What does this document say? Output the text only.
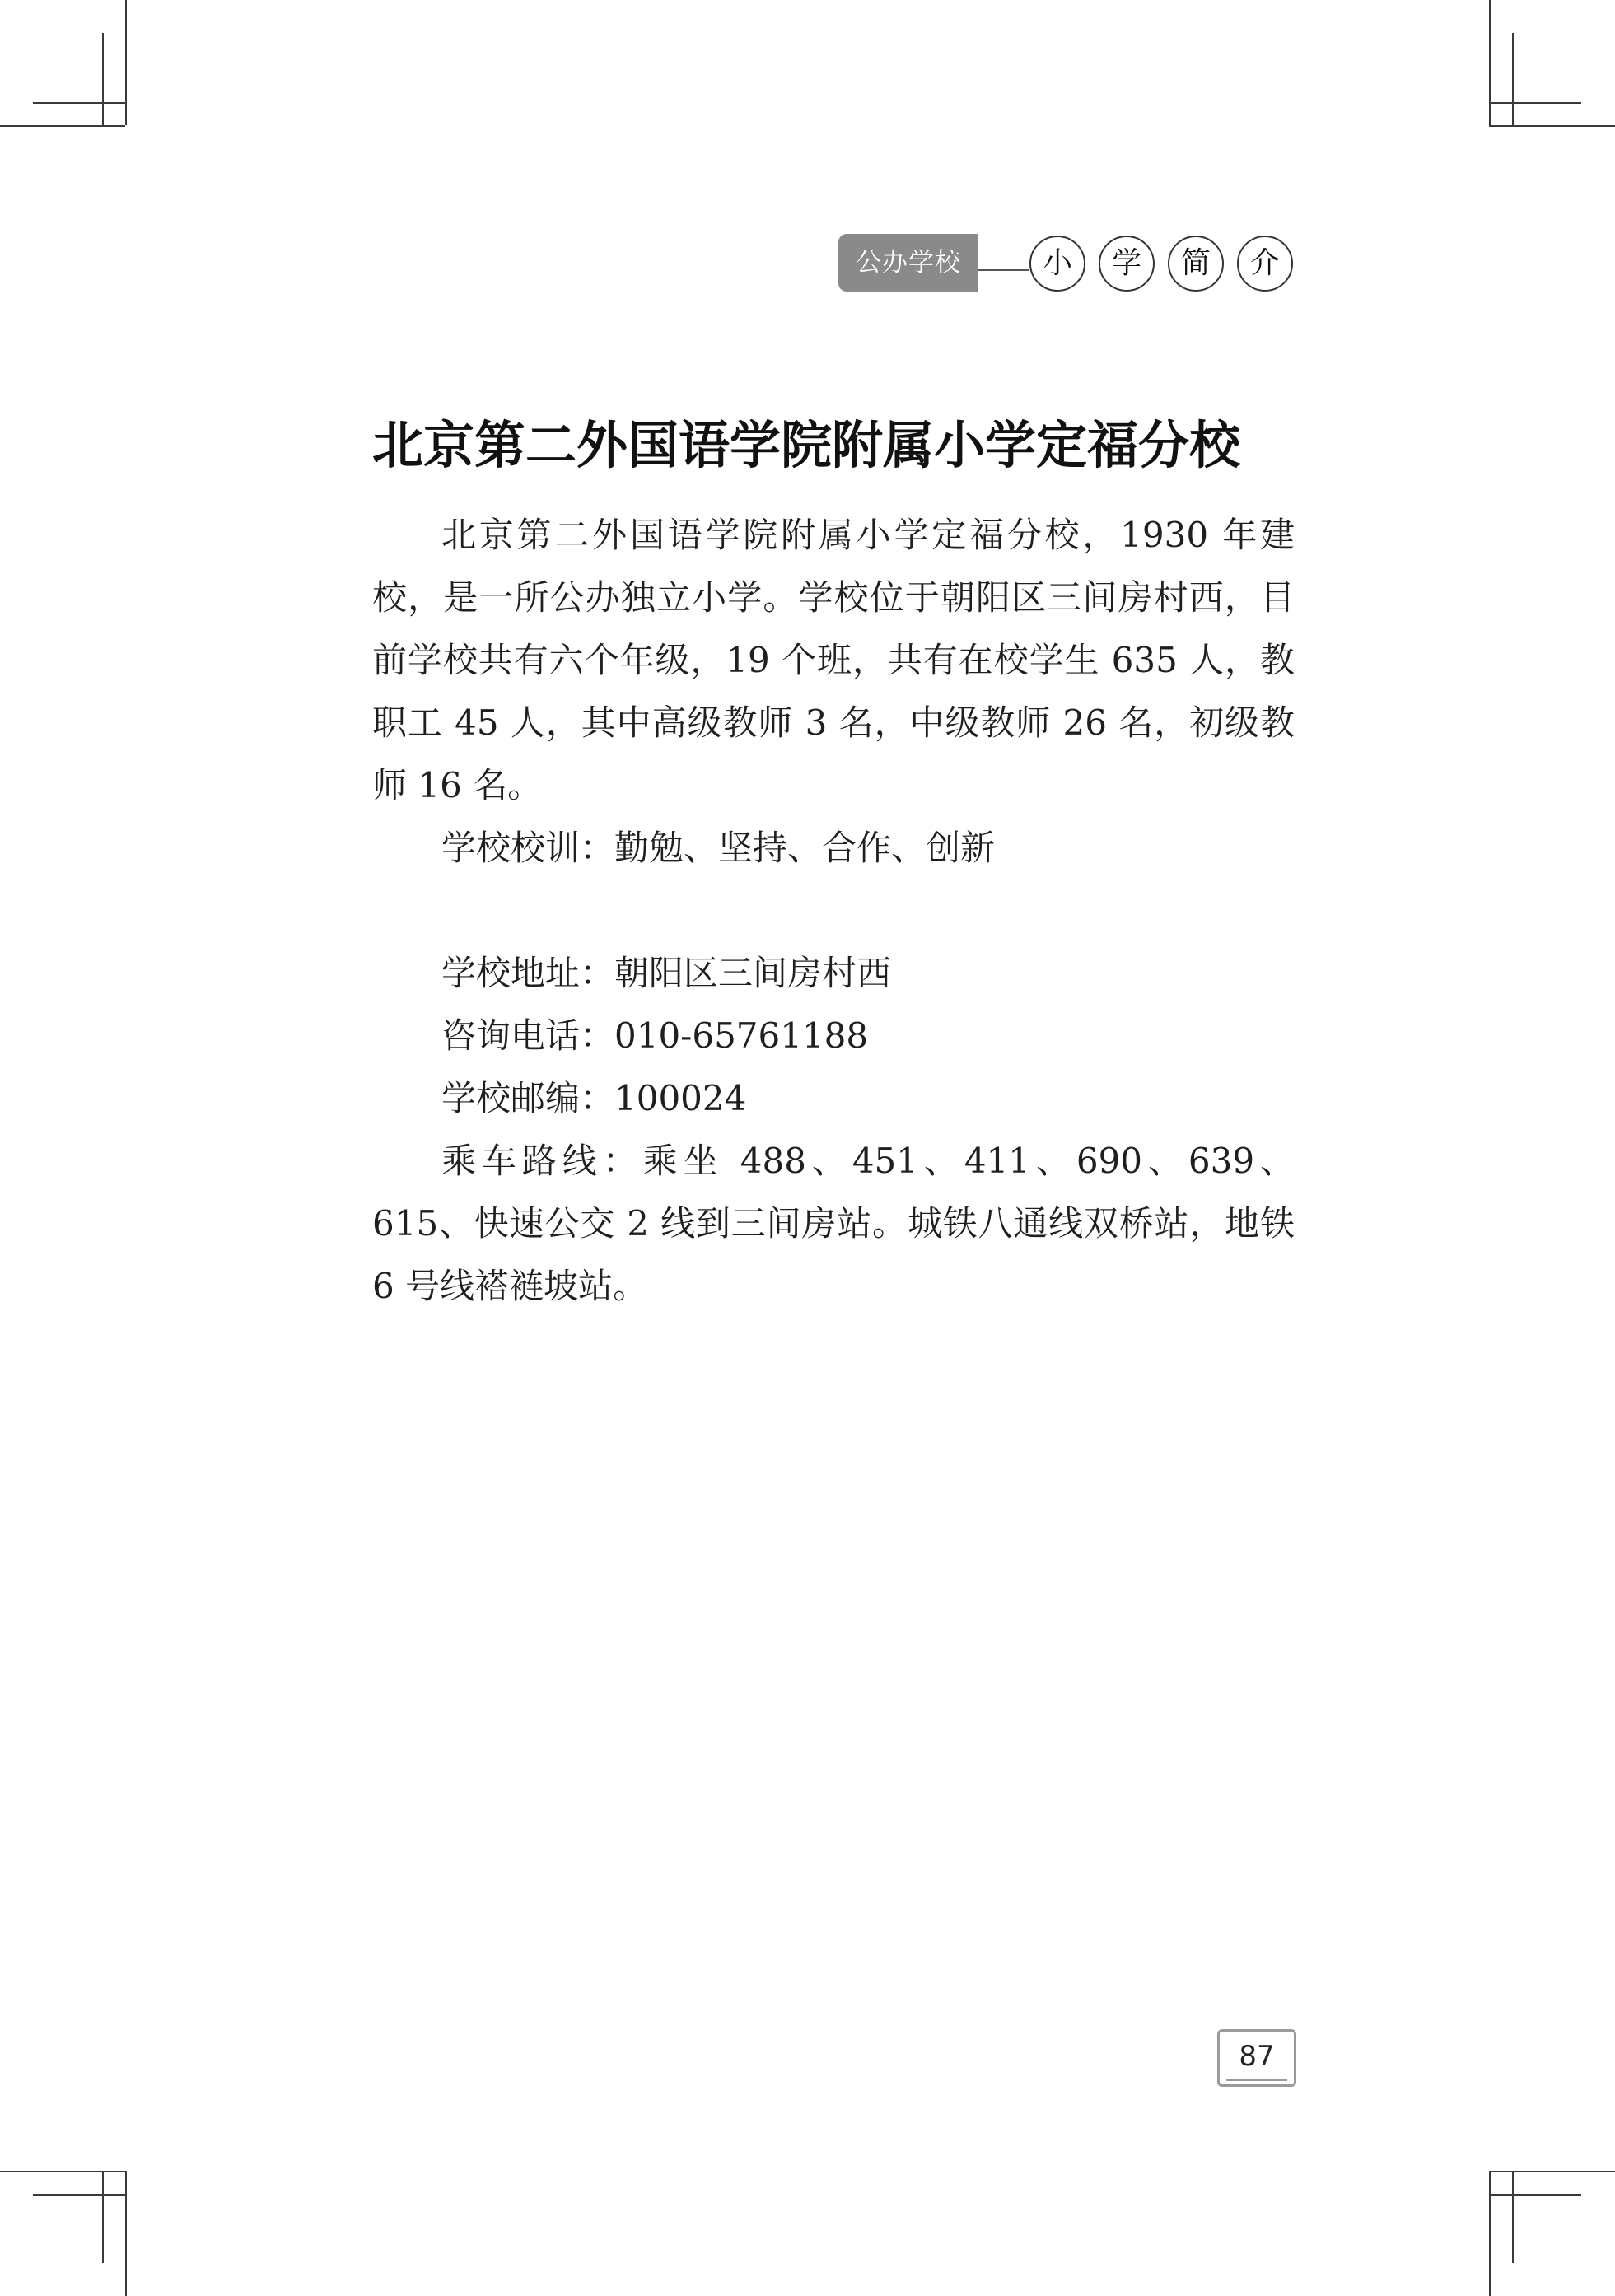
公办学校	小	学	简	介
北京第二外国语学院附属小学定福分校

北京第二外国语学院附属小学定福分校，1930 年建校，是一所公办独立小学。学校位于朝阳区三间房村西，目前学校共有六个年级，19 个班，共有在校学生 635 人，教职工 45 人，其中高级教师 3 名，中级教师 26 名，初级教师 16 名。

学校校训：勤勉、坚持、合作、创新

学校地址：朝阳区三间房村西

咨询电话：010-65761188

学校邮编：100024

乘车路线：乘坐 488、451、411、690、639、615、快速公交 2 线到三间房站。城铁八通线双桥站，地铁 6 号线褡裢坡站。

87
